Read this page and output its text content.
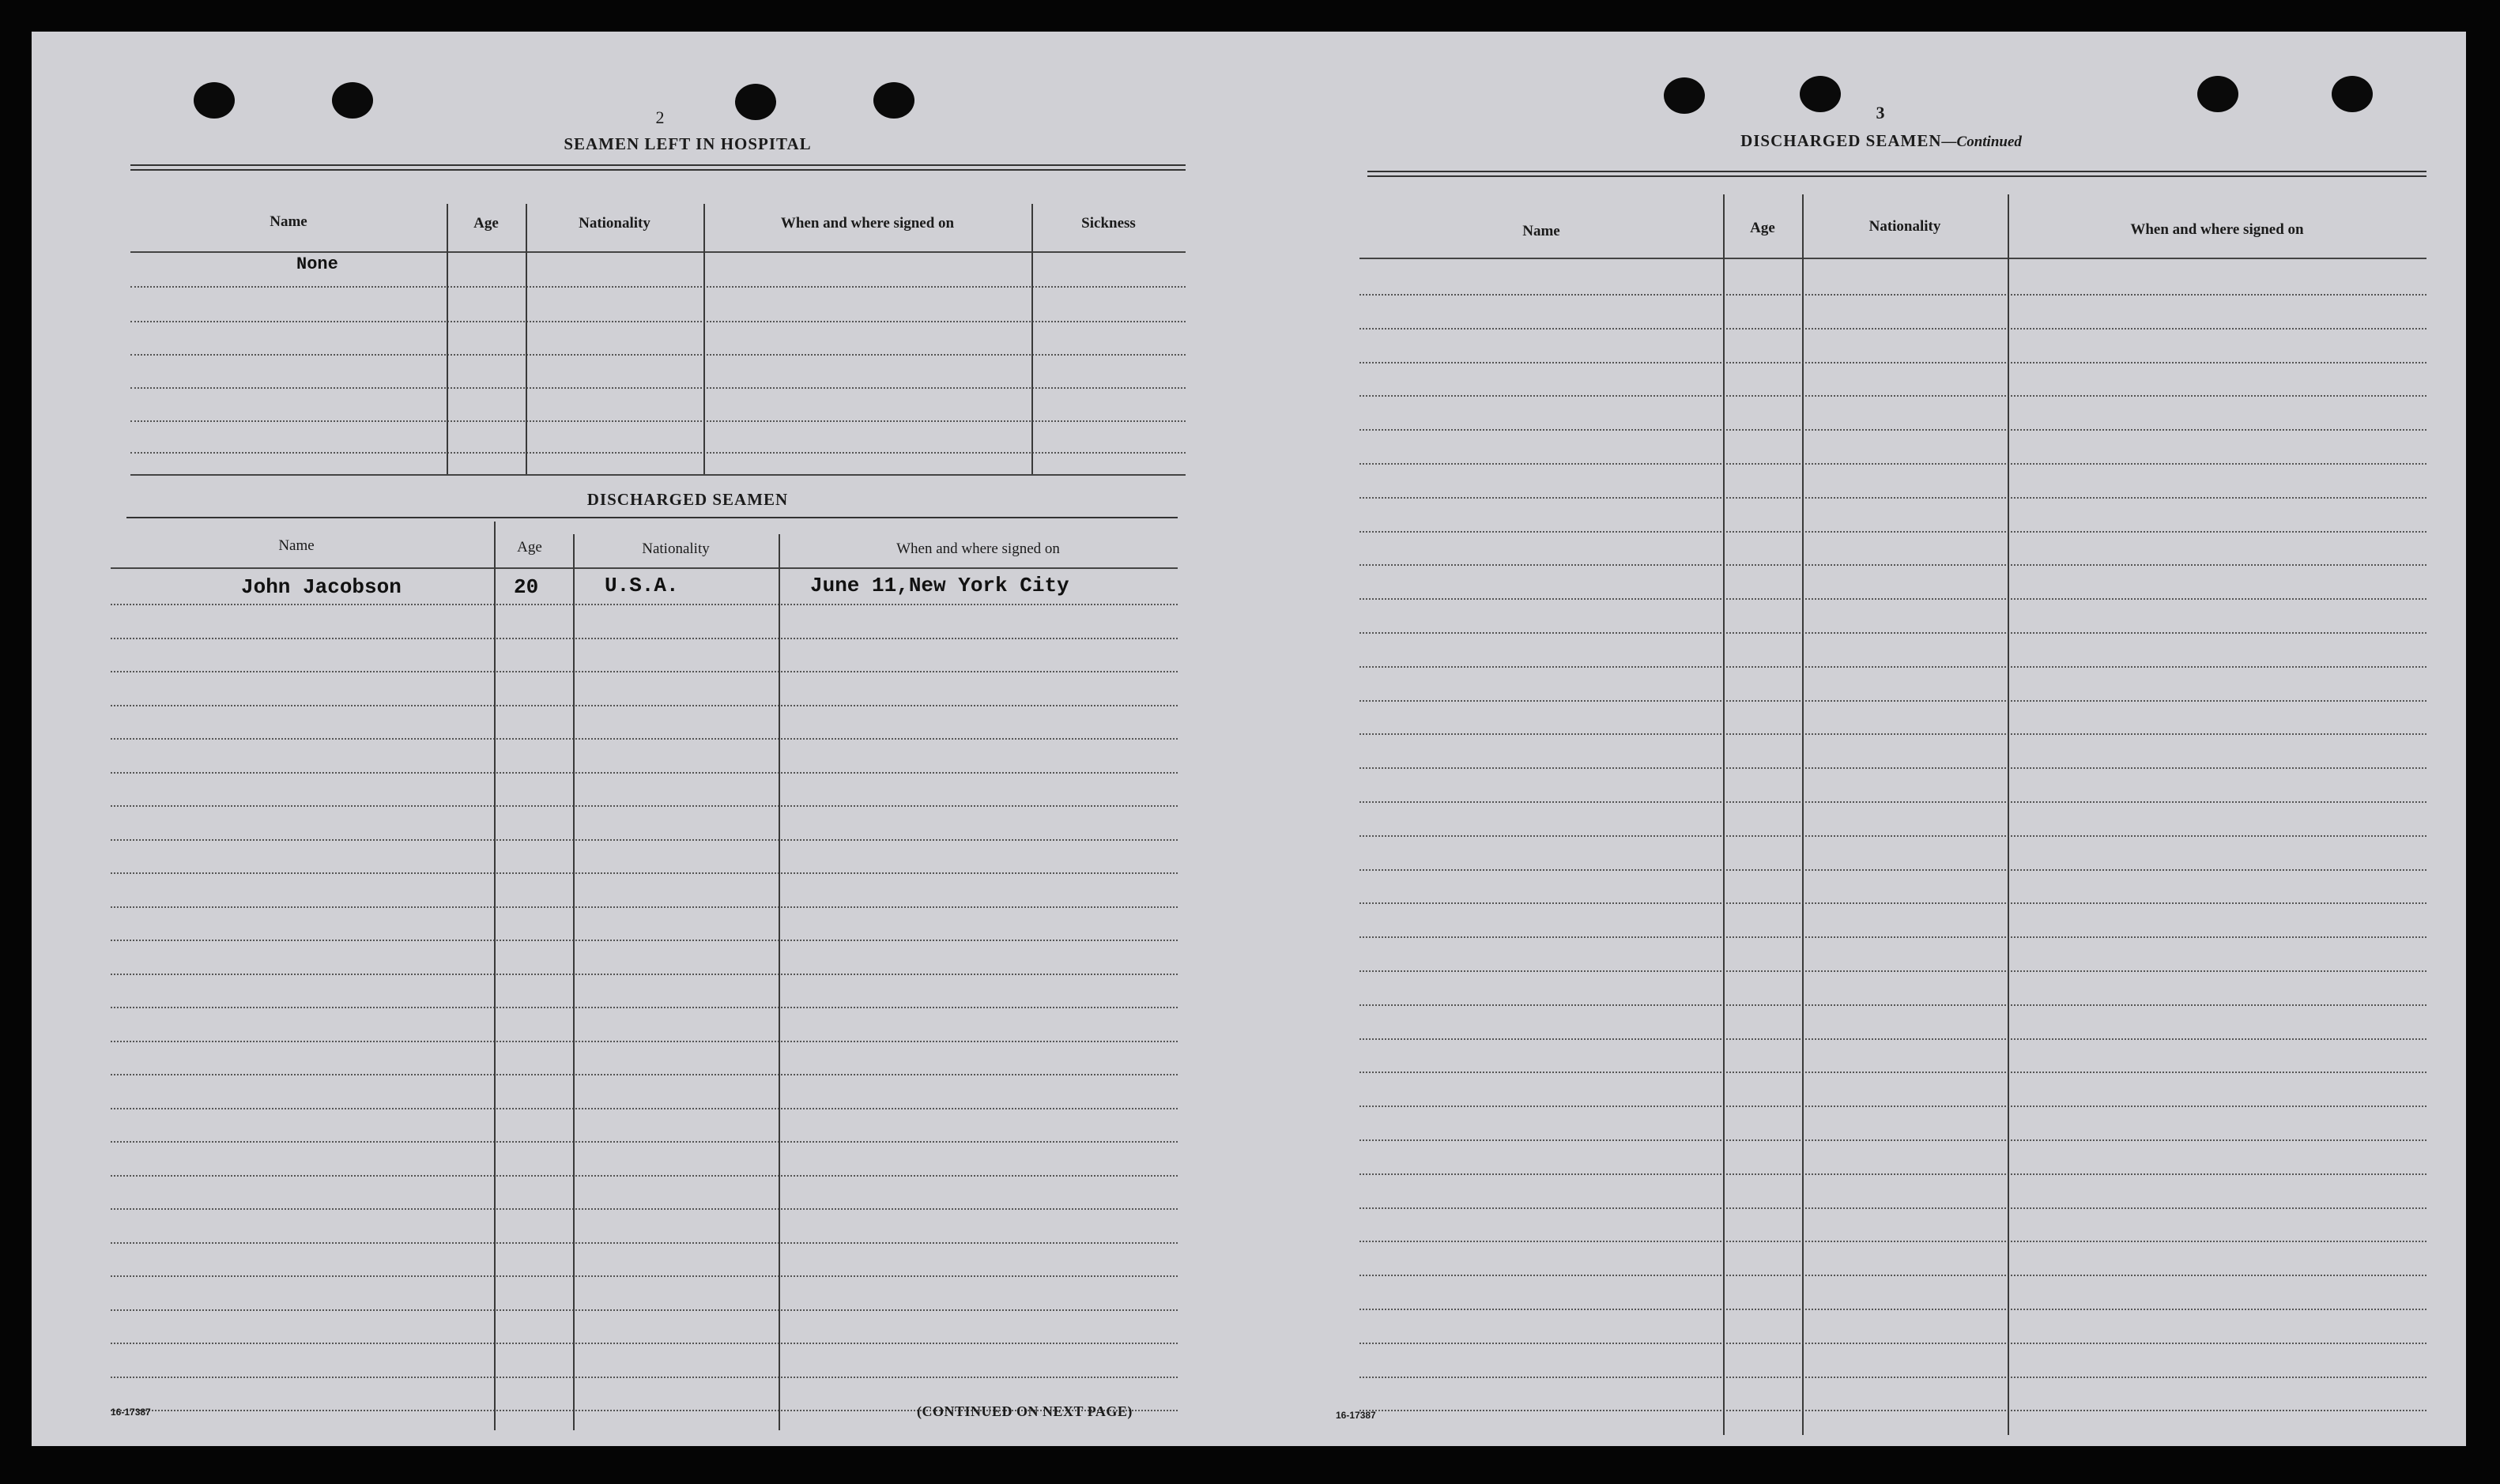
2
SEAMEN LEFT IN HOSPITAL
Name	Age	Nationality	When and where signed on	Sickness
None
DISCHARGED SEAMEN
Name	Age	Nationality	When and where signed on
John Jacobson	20	U.S.A.	June 11,New York City
16-17387	(CONTINUED ON NEXT PAGE)
3
DISCHARGED SEAMEN—Continued
Name	Age	Nationality	When and where signed on
16-17387
